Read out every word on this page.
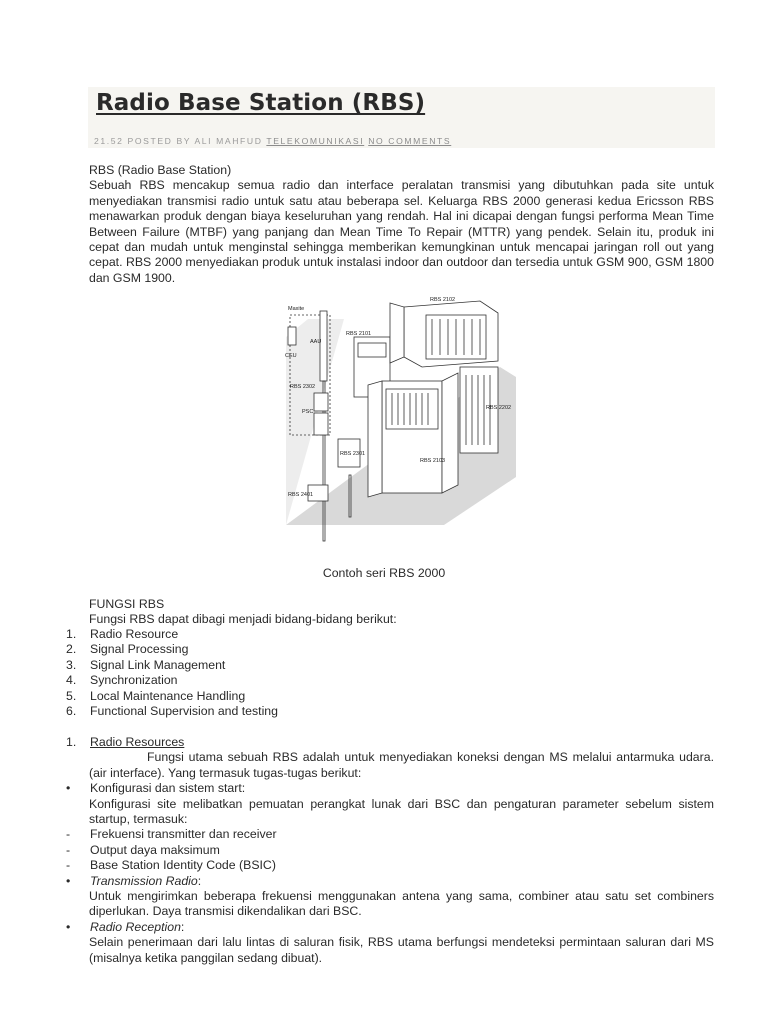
Radio Base Station (RBS)
21.52 POSTED BY ALI MAHFUD TELEKOMUNIKASI NO COMMENTS

RBS (Radio Base Station)

Sebuah RBS mencakup semua radio dan interface peralatan transmisi yang dibutuhkan pada site untuk menyediakan transmisi radio untuk satu atau beberapa sel. Keluarga RBS 2000 generasi kedua Ericsson RBS menawarkan produk dengan biaya keseluruhan yang rendah. Hal ini dicapai dengan fungsi performa Mean Time Between Failure (MTBF) yang panjang dan Mean Time To Repair (MTTR) yang pendek. Selain itu, produk ini cepat dan mudah untuk menginstal sehingga memberikan kemungkinan untuk mencapai jaringan roll out yang cepat. RBS 2000 menyediakan produk untuk instalasi indoor dan outdoor dan tersedia untuk GSM 900, GSM 1800 dan GSM 1900.

Maxite
AAU
CEU
RBS 2302
PSC
RBS 2301
RBS 2401
RBS 2101
RBS 2102
RBS 2202
RBS 2103
Contoh seri RBS 2000

FUNGSI RBS

Fungsi RBS dapat dibagi menjadi bidang-bidang berikut:

1. Radio Resource
2. Signal Processing
3. Signal Link Management
4. Synchronization
5. Local Maintenance Handling
6. Functional Supervision and testing
1. Radio Resources

Fungsi utama sebuah RBS adalah untuk menyediakan koneksi dengan MS melalui antarmuka udara.(air interface). Yang termasuk tugas-tugas berikut:

• Konfigurasi dan sistem start:

Konfigurasi site melibatkan pemuatan perangkat lunak dari BSC dan pengaturan parameter sebelum sistem startup, termasuk:

- Frekuensi transmitter dan receiver
- Output daya maksimum
- Base Station Identity Code (BSIC)
• Transmission Radio:

Untuk mengirimkan beberapa frekuensi menggunakan antena yang sama, combiner atau satu set combiners diperlukan. Daya transmisi dikendalikan dari BSC.

• Radio Reception:

Selain penerimaan dari lalu lintas di saluran fisik, RBS utama berfungsi mendeteksi permintaan saluran dari MS (misalnya ketika panggilan sedang dibuat).
